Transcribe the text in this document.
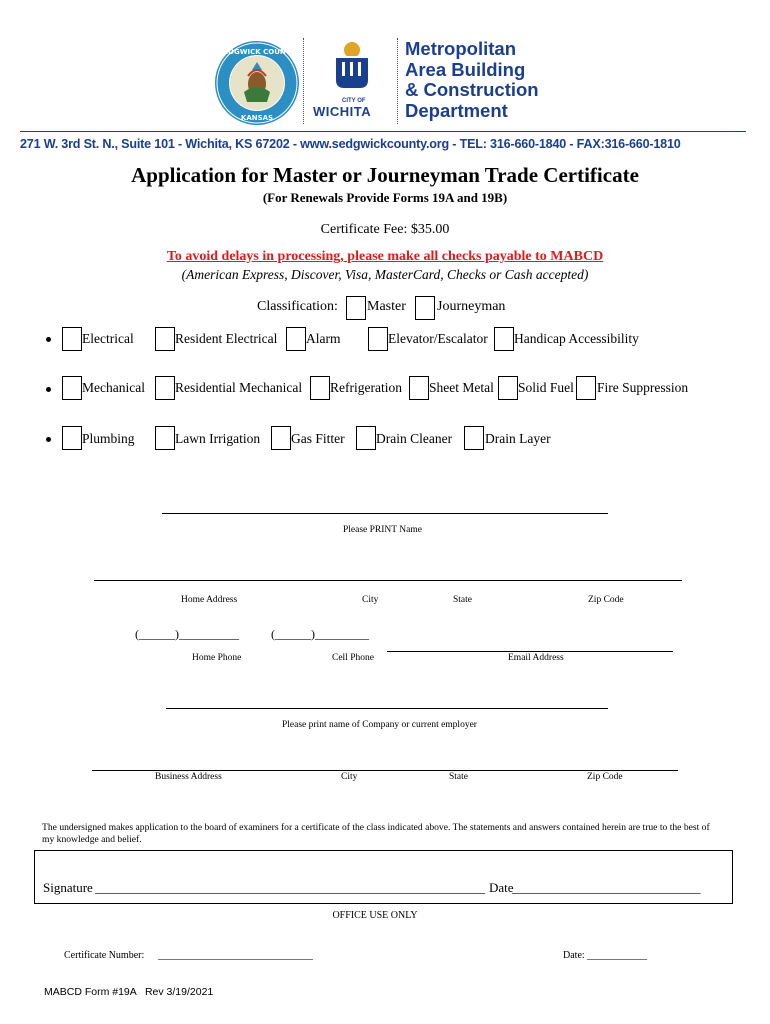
SEDGWICK COUNTY
KANSAS
CITY OF
WICHITA
Metropolitan
Area Building
& Construction
Department
271 W. 3rd St. N., Suite 101 - Wichita, KS 67202 - www.sedgwickcounty.org - TEL: 316-660-1840 - FAX:316-660-1810
Application for Master or Journeyman Trade Certificate
(For Renewals Provide Forms 19A and 19B)
Certificate Fee: $35.00
To avoid delays in processing, please make all checks payable to MABCD
(American Express, Discover, Visa, MasterCard, Checks or Cash accepted)
Classification: Master Journeyman
Electrical	Resident Electrical Alarm	Elevator/Escalator Handicap Accessibility
Mechanical Residential Mechanical Refrigeration Sheet Metal Solid Fuel Fire Suppression
Plumbing	Lawn Irrigation Gas Fitter Drain Cleaner Drain Layer
Please PRINT Name
Home Address	City	State	Zip Code
(______)__________	(______)_________
Home Phone	Cell Phone	Email Address
Please print name of Company or current employer
Business Address	City	State	Zip Code
The undersigned makes application to the board of examiners for a certificate of the class indicated above. The statements and answers contained herein are true to the best of my knowledge and belief.
Signature ____________________________________________________________ Date
_____________________________
OFFICE USE ONLY
Certificate Number: _______________________________	Date: ____________
MABCD Form #19A   Rev 3/19/2021
